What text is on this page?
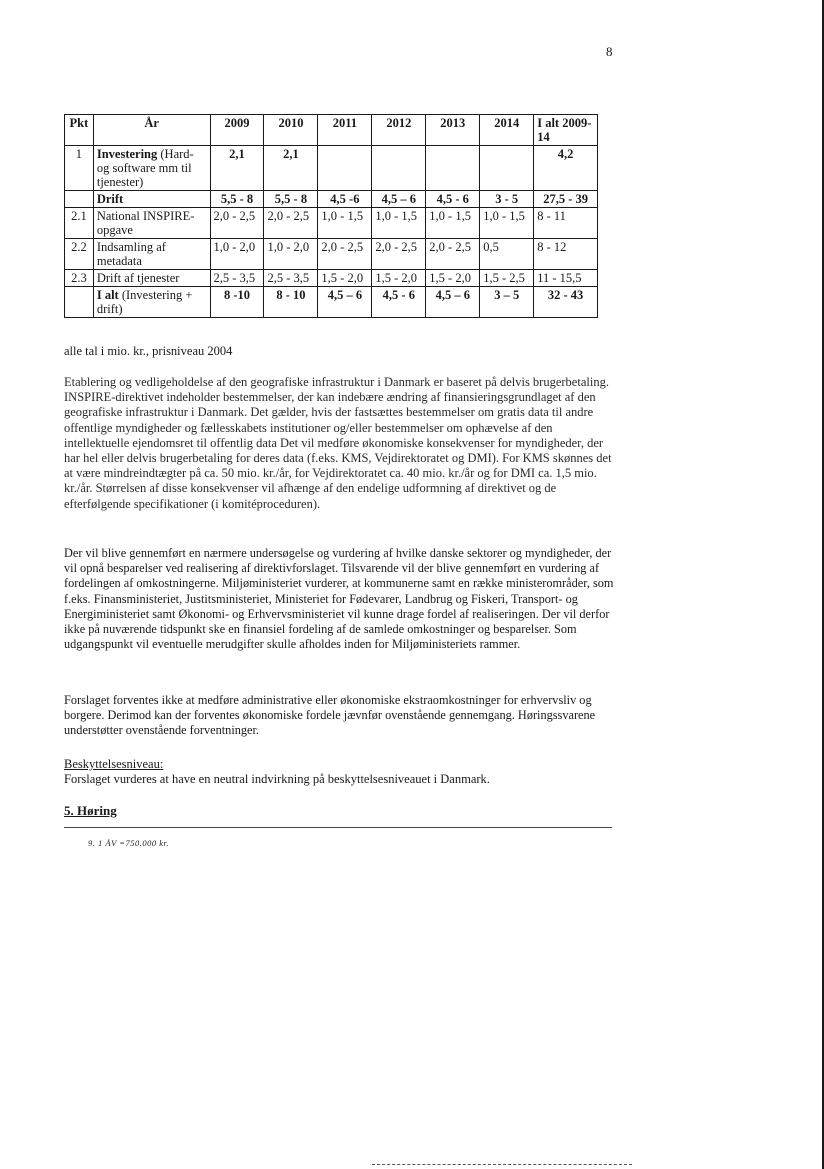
8
Pkt	År	2009	2010	2011	2012	2013	2014	I alt 2009-14
1	Investering (Hard- og software mm til tjenester)	2,1	2,1					4,2
	Drift	5,5 - 8	5,5 - 8	4,5 -6	4,5 – 6	4,5 - 6	3 - 5	27,5 - 39
2.1	National INSPIRE-opgave	2,0 - 2,5	2,0 - 2,5	1,0 - 1,5	1,0 - 1,5	1,0 - 1,5	1,0 - 1,5	8 - 11
2.2	Indsamling af metadata	1,0 - 2,0	1,0 - 2,0	2,0 - 2,5	2,0 - 2,5	2,0 - 2,5	0,5	8 - 12
2.3	Drift af tjenester	2,5 - 3,5	2,5 - 3,5	1,5 - 2,0	1,5 - 2,0	1,5 - 2,0	1,5 - 2,5	11 - 15,5
	I alt (Investering + drift)	8 -10	8 - 10	4,5 – 6	4,5 - 6	4,5 – 6	3 – 5	32 - 43
alle tal i mio. kr., prisniveau 2004

Etablering og vedligeholdelse af den geografiske infrastruktur i Danmark er baseret på delvis brugerbetaling. INSPIRE-direktivet indeholder bestemmelser, der kan indebære ændring af finansieringsgrundlaget af den geografiske infrastruktur i Danmark. Det gælder, hvis der fastsættes bestemmelser om gratis data til andre offentlige myndigheder og fællesskabets institutioner og/eller bestemmelser om ophævelse af den intellektuelle ejendomsret til offentlig data Det vil medføre økonomiske konsekvenser for myndigheder, der har hel eller delvis brugerbetaling for deres data (f.eks. KMS, Vejdirektoratet og DMI). For KMS skønnes det at være mindreindtægter på ca. 50 mio. kr./år, for Vejdirektoratet ca. 40 mio. kr./år og for DMI ca. 1,5 mio. kr./år. Størrelsen af disse konsekvenser vil afhænge af den endelige udformning af direktivet og de efterfølgende specifikationer (i komitéproceduren).

Der vil blive gennemført en nærmere undersøgelse og vurdering af hvilke danske sektorer og myndigheder, der vil opnå besparelser ved realisering af direktivforslaget. Tilsvarende vil der blive gennemført en vurdering af fordelingen af omkostningerne. Miljøministeriet vurderer, at kommunerne samt en række ministerområder, som f.eks. Finansministeriet, Justitsministeriet, Ministeriet for Fødevarer, Landbrug og Fiskeri, Transport- og Energiministeriet samt Økonomi- og Erhvervsministeriet vil kunne drage fordel af realiseringen. Der vil derfor ikke på nuværende tidspunkt ske en finansiel fordeling af de samlede omkostninger og besparelser. Som udgangspunkt vil eventuelle merudgifter skulle afholdes inden for Miljøministeriets rammer.

Forslaget forventes ikke at medføre administrative eller økonomiske ekstraomkostninger for erhvervsliv og borgere. Derimod kan der forventes økonomiske fordele jævnfør ovenstående gennemgang. Høringssvarene understøtter ovenstående forventninger.

Beskyttelsesniveau:

Forslaget vurderes at have en neutral indvirkning på beskyttelsesniveauet i Danmark.

5. Høring
9. 1 ÅV =750.000 kr.
